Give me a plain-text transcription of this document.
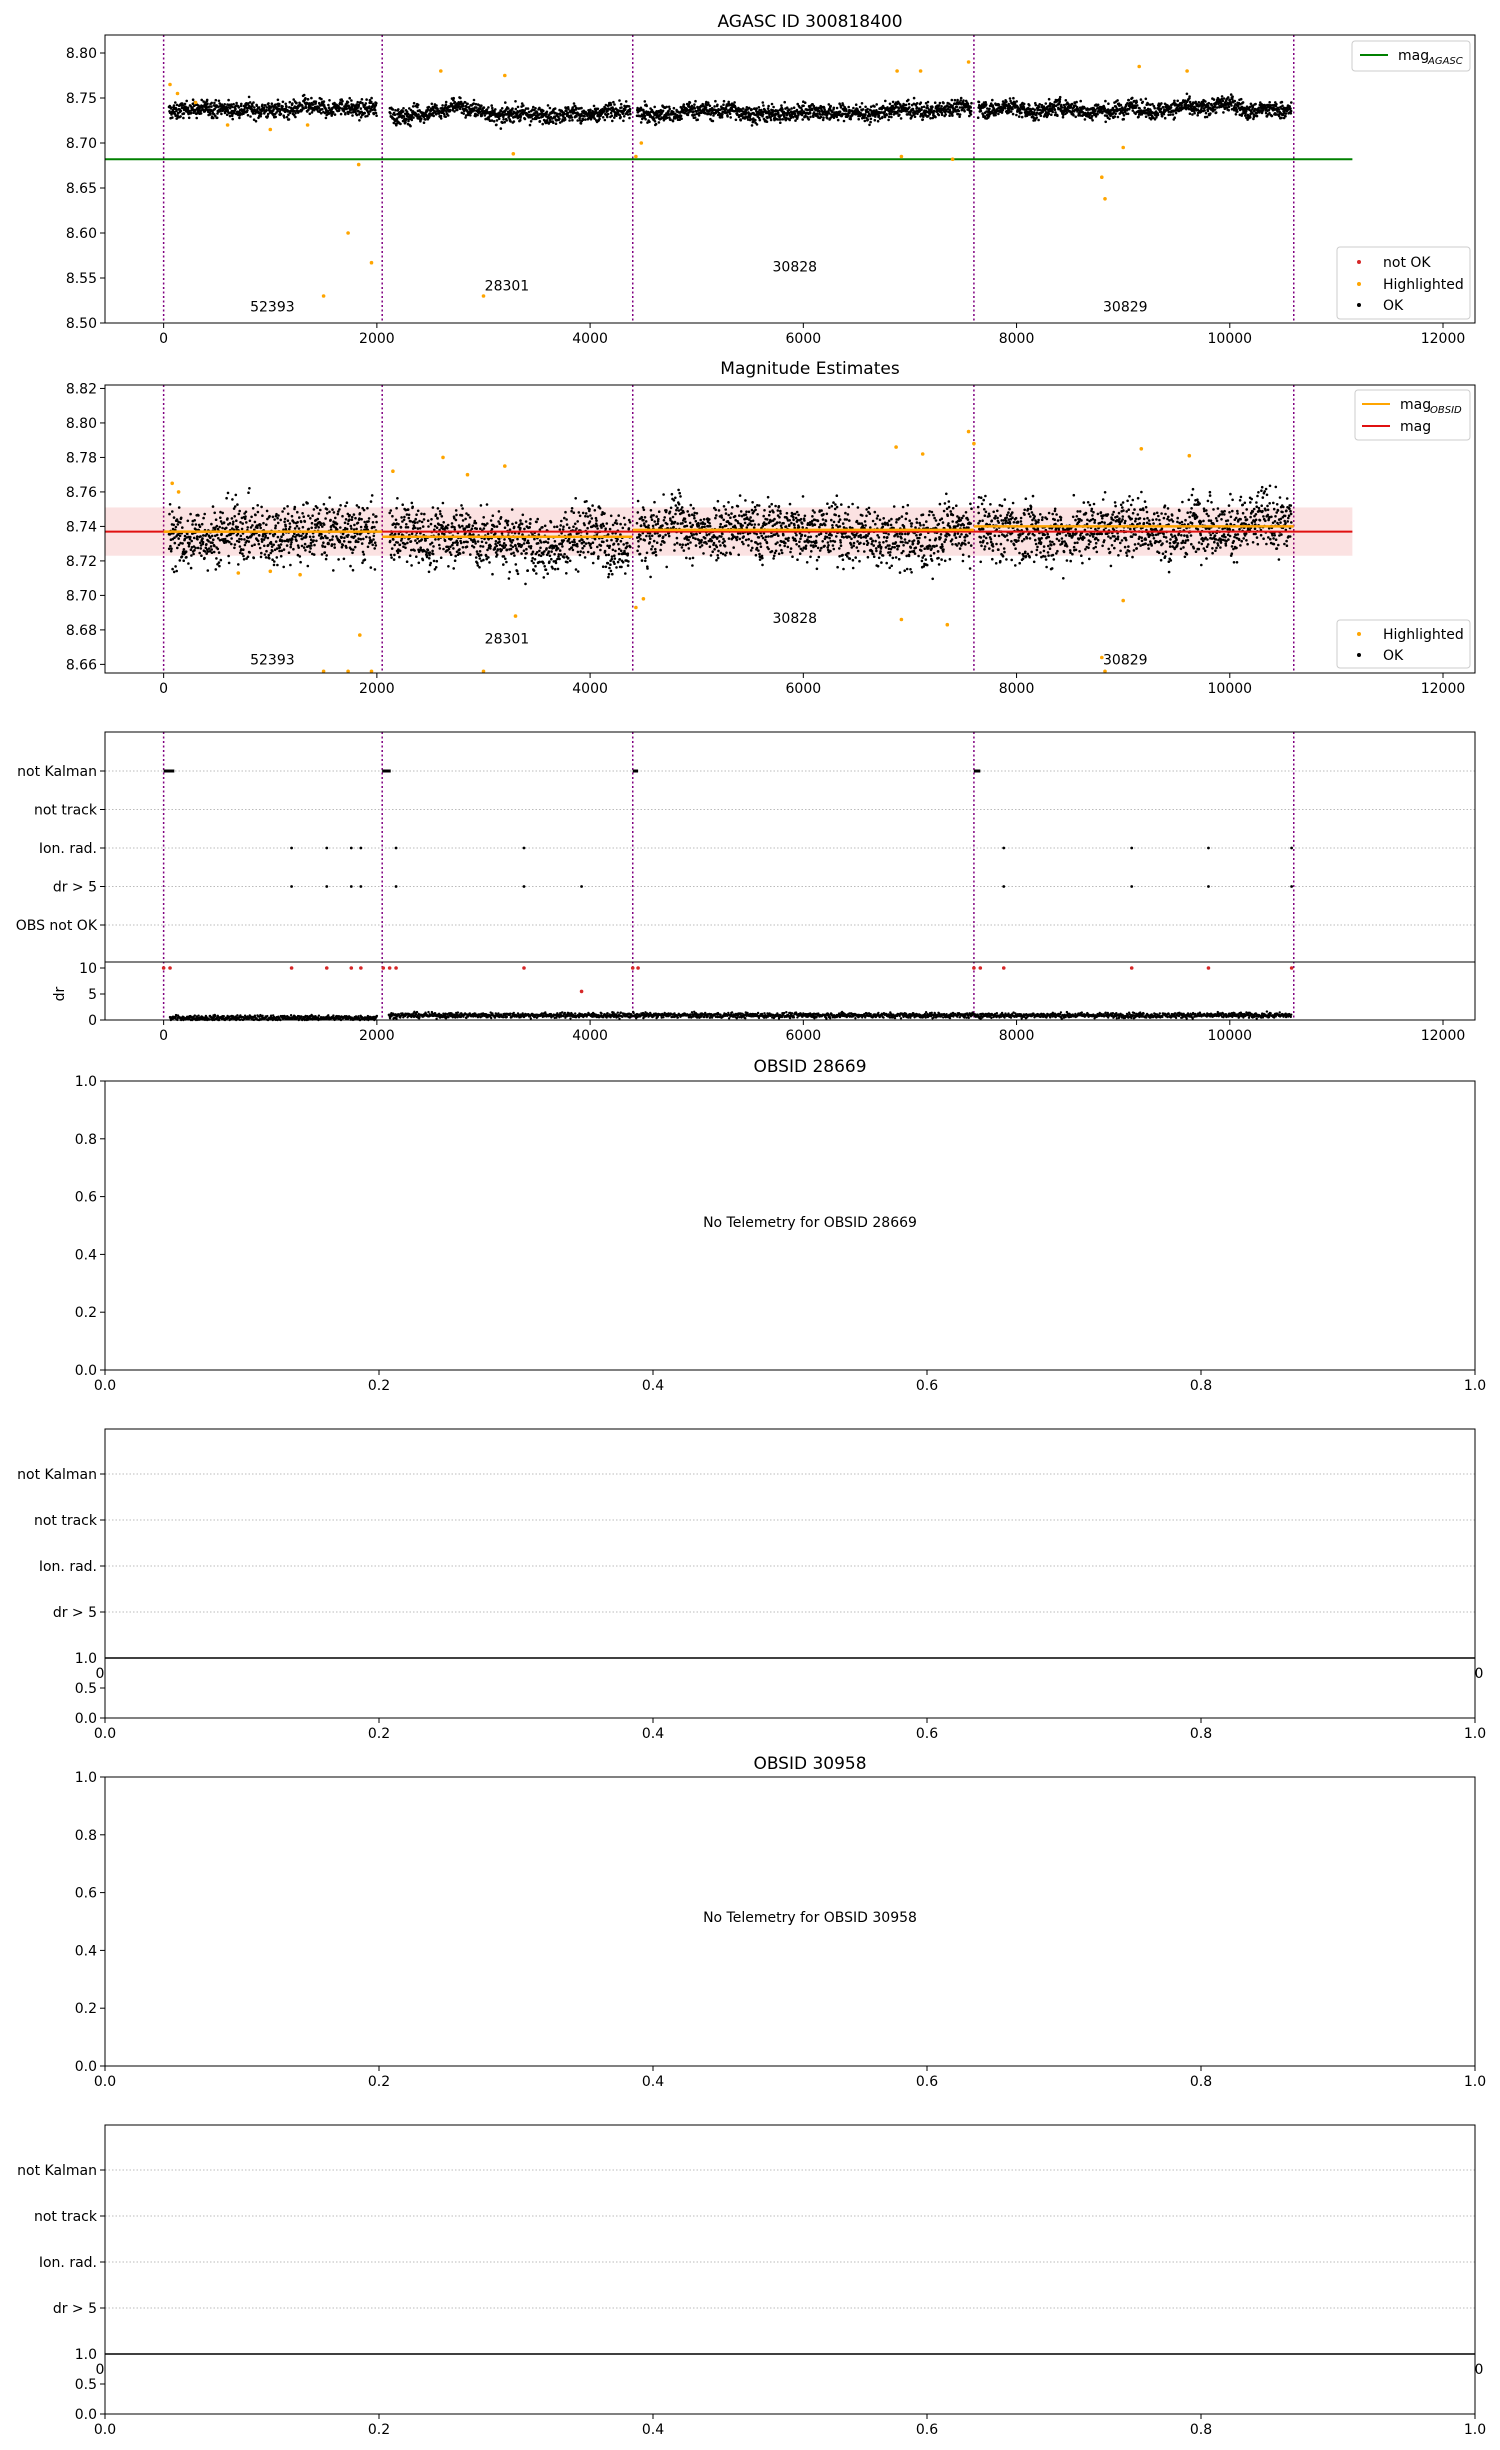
AGASC ID 300818400
0	2000	4000	6000	8000	10000	12000
8.50
8.55
8.60
8.65
8.70
8.75
8.80
52393
28301
30828
30829
mag
AGASC
not OK
Highlighted
OK
Magnitude Estimates
0	2000	4000	6000	8000	10000	12000
8.66
8.68
8.70
8.72
8.74
8.76
8.78
8.80
8.82
52393
28301
30828
30829
mag
OBSID
mag
Highlighted
OK
not Kalman
not track
Ion. rad.
dr > 5
OBS not OK
0
5
10
dr
0	2000	4000	6000	8000	10000	12000
OBSID 28669
No Telemetry for OBSID 28669
0.0	0.2	0.4	0.6	0.8	1.0
0.0
0.2
0.4
0.6
0.8
1.0
not Kalman
not track
Ion. rad.
dr > 5
1.0
0	0
0.0
0.5
0.0	0.2	0.4	0.6	0.8	1.0
OBSID 30958
No Telemetry for OBSID 30958
0.0	0.2	0.4	0.6	0.8	1.0
0.0
0.2
0.4
0.6
0.8
1.0
not Kalman
not track
Ion. rad.
dr > 5
1.0
0	0
0.0
0.5
0.0	0.2	0.4	0.6	0.8	1.0
